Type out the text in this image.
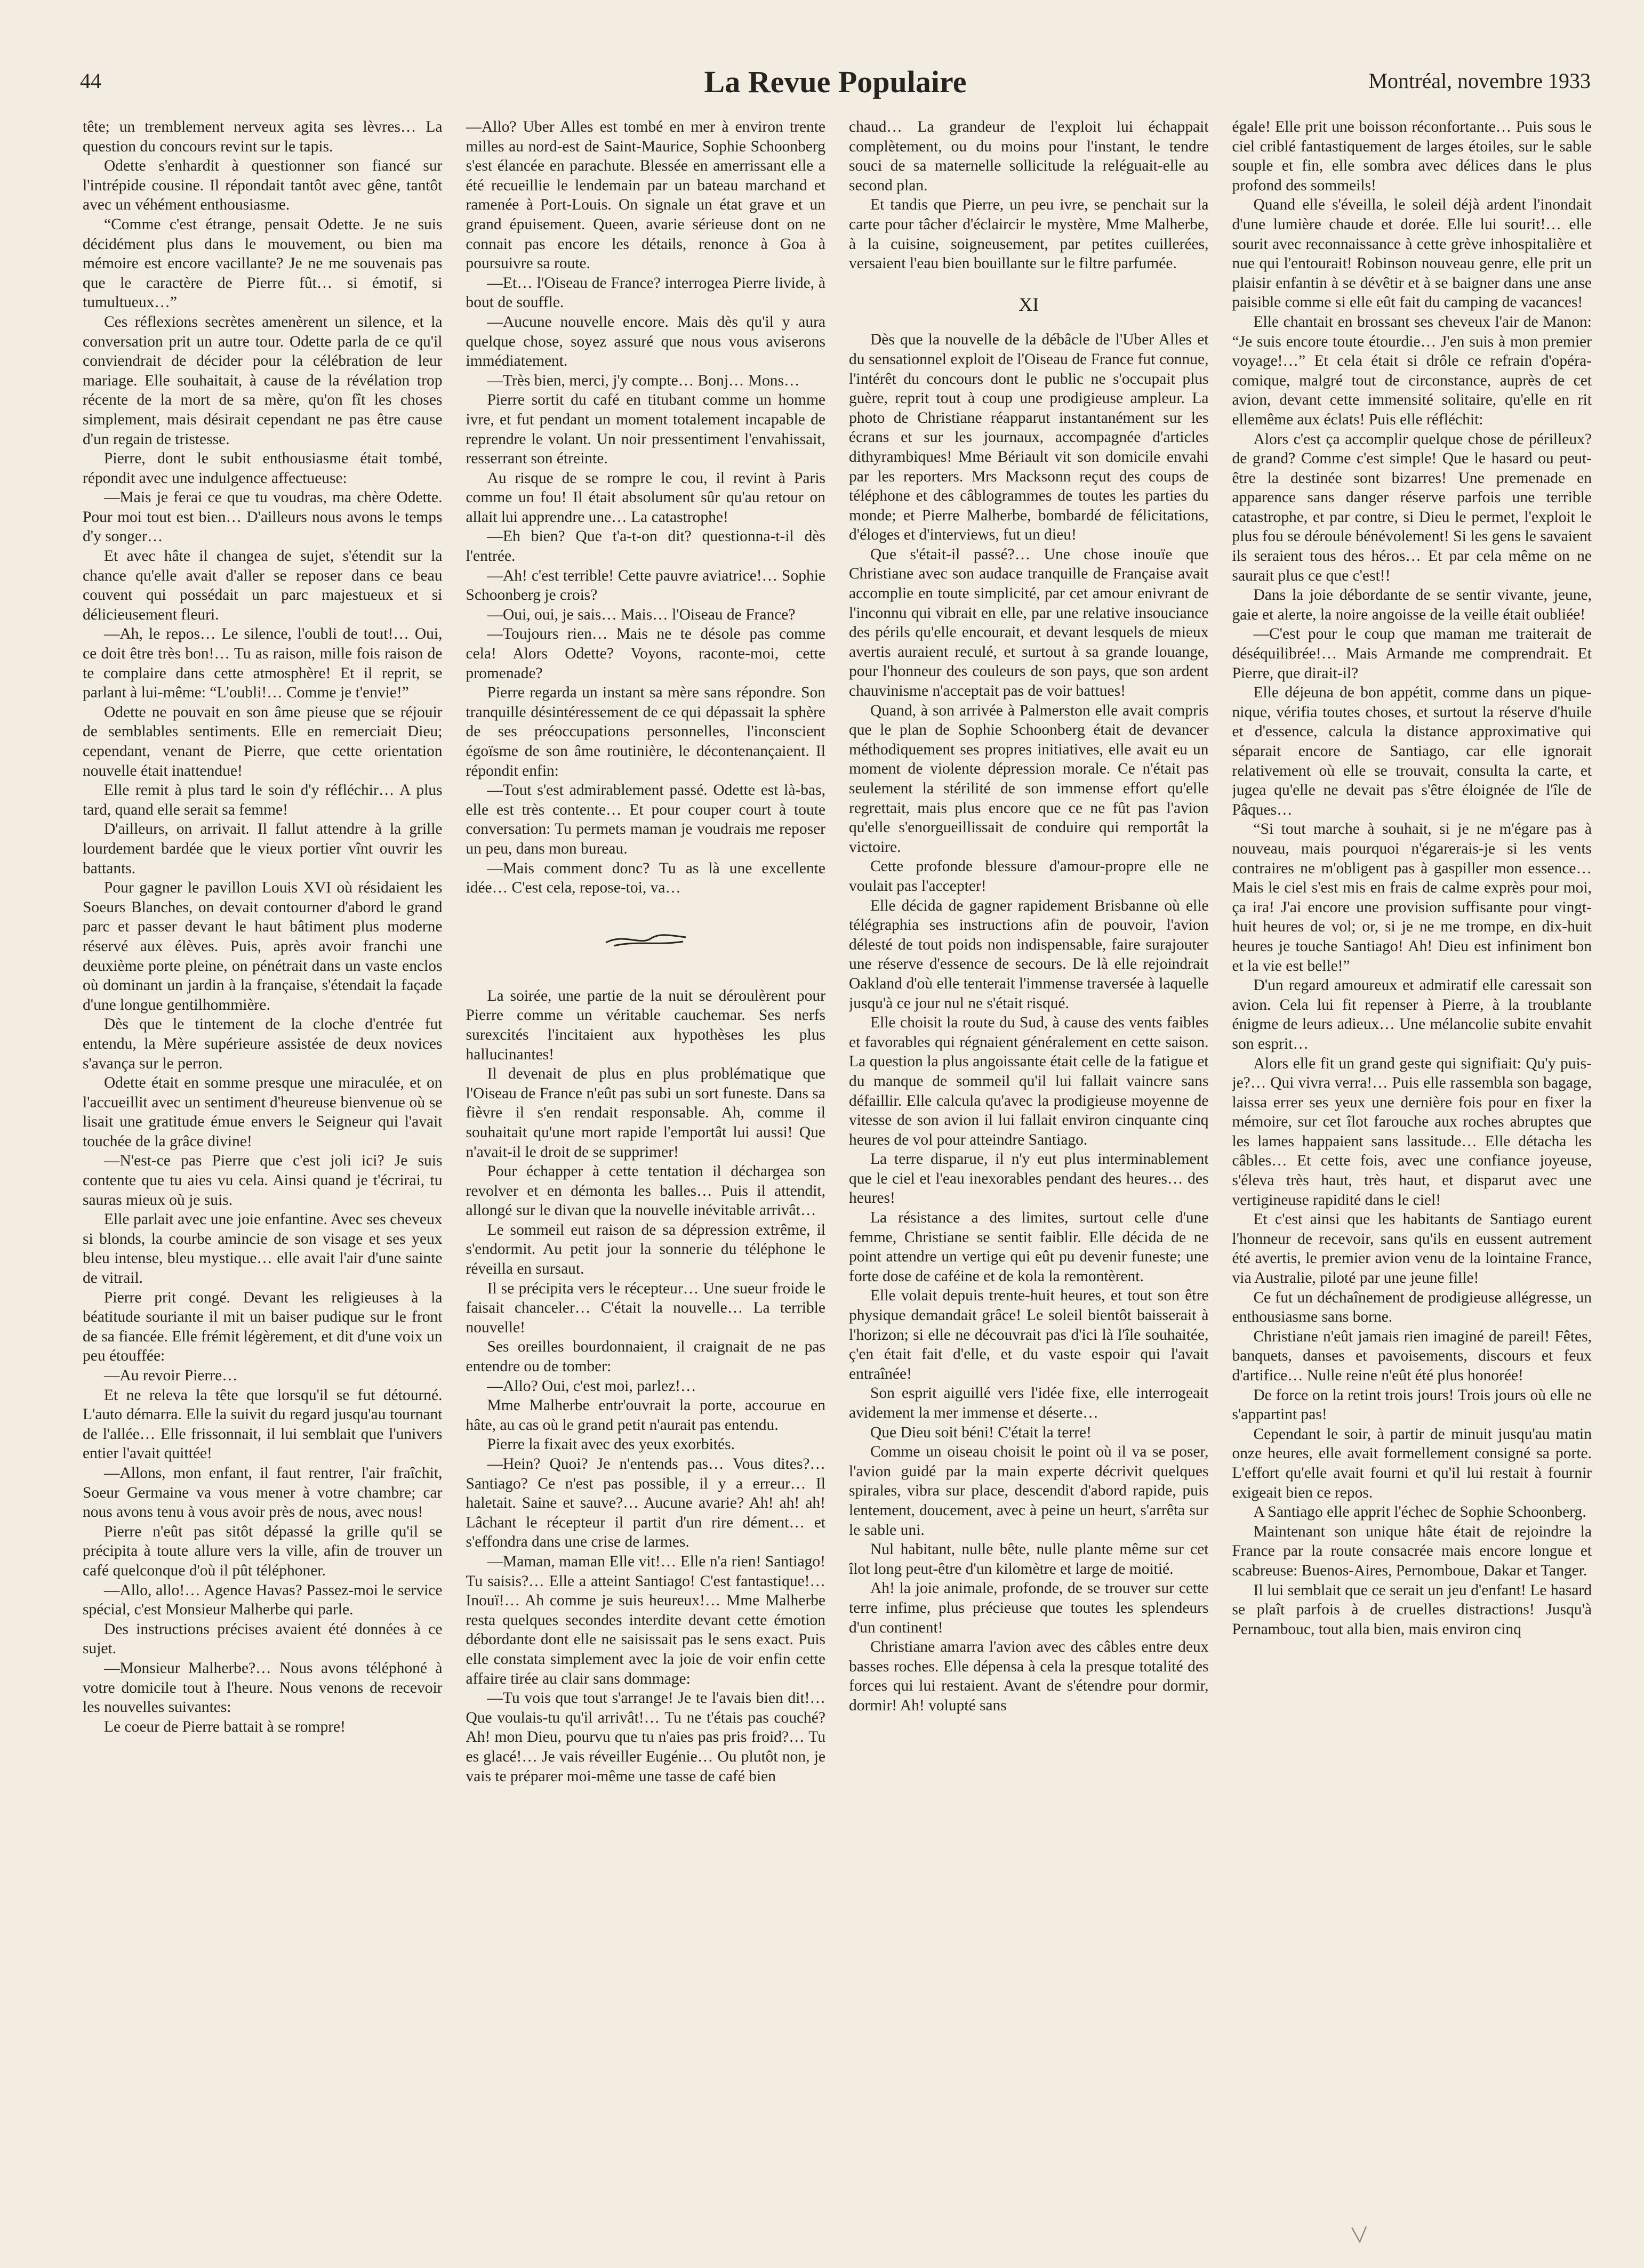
44	La Revue Populaire	Montréal, novembre 1933

tête; un tremblement nerveux agita ses lèvres… La question du concours revint sur le tapis.

Odette s'enhardit à questionner son fiancé sur l'intrépide cousine. Il répondait tantôt avec gêne, tantôt avec un véhément enthousiasme.

“Comme c'est étrange, pensait Odette. Je ne suis décidément plus dans le mouvement, ou bien ma mémoire est encore vacillante? Je ne me souvenais pas que le caractère de Pierre fût… si émotif, si tumultueux…”

Ces réflexions secrètes amenèrent un silence, et la conversation prit un autre tour. Odette parla de ce qu'il conviendrait de décider pour la célébration de leur mariage. Elle souhaitait, à cause de la révélation trop récente de la mort de sa mère, qu'on fît les choses simplement, mais désirait cependant ne pas être cause d'un regain de tristesse.

Pierre, dont le subit enthousiasme était tombé, répondit avec une indulgence affectueuse:

—Mais je ferai ce que tu voudras, ma chère Odette. Pour moi tout est bien… D'ailleurs nous avons le temps d'y songer…

Et avec hâte il changea de sujet, s'étendit sur la chance qu'elle avait d'aller se reposer dans ce beau couvent qui possédait un parc majestueux et si délicieusement fleuri.

—Ah, le repos… Le silence, l'oubli de tout!… Oui, ce doit être très bon!… Tu as raison, mille fois raison de te complaire dans cette atmosphère! Et il reprit, se parlant à lui-même: “L'oubli!… Comme je t'envie!”

Odette ne pouvait en son âme pieuse que se réjouir de semblables sentiments. Elle en remerciait Dieu; cependant, venant de Pierre, que cette orientation nouvelle était inattendue!

Elle remit à plus tard le soin d'y réfléchir… A plus tard, quand elle serait sa femme!

D'ailleurs, on arrivait. Il fallut attendre à la grille lourdement bardée que le vieux portier vînt ouvrir les battants.

Pour gagner le pavillon Louis XVI où résidaient les Soeurs Blanches, on devait contourner d'abord le grand parc et passer devant le haut bâtiment plus moderne réservé aux élèves. Puis, après avoir franchi une deuxième porte pleine, on pénétrait dans un vaste enclos où dominant un jardin à la française, s'étendait la façade d'une longue gentilhommière.

Dès que le tintement de la cloche d'entrée fut entendu, la Mère supérieure assistée de deux novices s'avança sur le perron.

Odette était en somme presque une miraculée, et on l'accueillit avec un sentiment d'heureuse bienvenue où se lisait une gratitude émue envers le Seigneur qui l'avait touchée de la grâce divine!

—N'est-ce pas Pierre que c'est joli ici? Je suis contente que tu aies vu cela. Ainsi quand je t'écrirai, tu sauras mieux où je suis.

Elle parlait avec une joie enfantine. Avec ses cheveux si blonds, la courbe amincie de son visage et ses yeux bleu intense, bleu mystique… elle avait l'air d'une sainte de vitrail.

Pierre prit congé. Devant les religieuses à la béatitude souriante il mit un baiser pudique sur le front de sa fiancée. Elle frémit légèrement, et dit d'une voix un peu étouffée:

—Au revoir Pierre…

Et ne releva la tête que lorsqu'il se fut détourné. L'auto démarra. Elle la suivit du regard jusqu'au tournant de l'allée… Elle frissonnait, il lui semblait que l'univers entier l'avait quittée!

—Allons, mon enfant, il faut rentrer, l'air fraîchit, Soeur Germaine va vous mener à votre chambre; car nous avons tenu à vous avoir près de nous, avec nous!

Pierre n'eût pas sitôt dépassé la grille qu'il se précipita à toute allure vers la ville, afin de trouver un café quelconque d'où il pût téléphoner.

—Allo, allo!… Agence Havas? Passez-moi le service spécial, c'est Monsieur Malherbe qui parle.

Des instructions précises avaient été données à ce sujet.

—Monsieur Malherbe?… Nous avons téléphoné à votre domicile tout à l'heure. Nous venons de recevoir les nouvelles suivantes:

Le coeur de Pierre battait à se rompre!

—Allo? Uber Alles est tombé en mer à environ trente milles au nord-est de Saint-Maurice, Sophie Schoonberg s'est élancée en parachute. Blessée en amerrissant elle a été recueillie le lendemain par un bateau marchand et ramenée à Port-Louis. On signale un état grave et un grand épuisement. Queen, avarie sérieuse dont on ne connait pas encore les détails, renonce à Goa à poursuivre sa route.

—Et… l'Oiseau de France? interrogea Pierre livide, à bout de souffle.

—Aucune nouvelle encore. Mais dès qu'il y aura quelque chose, soyez assuré que nous vous aviserons immédiatement.

—Très bien, merci, j'y compte… Bonj… Mons…

Pierre sortit du café en titubant comme un homme ivre, et fut pendant un moment totalement incapable de reprendre le volant. Un noir pressentiment l'envahissait, resserrant son étreinte.

Au risque de se rompre le cou, il revint à Paris comme un fou! Il était absolument sûr qu'au retour on allait lui apprendre une… La catastrophe!

—Eh bien? Que t'a-t-on dit? questionna-t-il dès l'entrée.

—Ah! c'est terrible! Cette pauvre aviatrice!… Sophie Schoonberg je crois?

—Oui, oui, je sais… Mais… l'Oiseau de France?

—Toujours rien… Mais ne te désole pas comme cela! Alors Odette? Voyons, raconte-moi, cette promenade?

Pierre regarda un instant sa mère sans répondre. Son tranquille désintéressement de ce qui dépassait la sphère de ses préoccupations personnelles, l'inconscient égoïsme de son âme routinière, le décontenançaient. Il répondit enfin:

—Tout s'est admirablement passé. Odette est là-bas, elle est très contente… Et pour couper court à toute conversation: Tu permets maman je voudrais me reposer un peu, dans mon bureau.

—Mais comment donc? Tu as là une excellente idée… C'est cela, repose-toi, va…

La soirée, une partie de la nuit se déroulèrent pour Pierre comme un véritable cauchemar. Ses nerfs surexcités l'incitaient aux hypothèses les plus hallucinantes!

Il devenait de plus en plus problématique que l'Oiseau de France n'eût pas subi un sort funeste. Dans sa fièvre il s'en rendait responsable. Ah, comme il souhaitait qu'une mort rapide l'emportât lui aussi! Que n'avait-il le droit de se supprimer!

Pour échapper à cette tentation il déchargea son revolver et en démonta les balles… Puis il attendit, allongé sur le divan que la nouvelle inévitable arrivât…

Le sommeil eut raison de sa dépression extrême, il s'endormit. Au petit jour la sonnerie du téléphone le réveilla en sursaut.

Il se précipita vers le récepteur… Une sueur froide le faisait chanceler… C'était la nouvelle… La terrible nouvelle!

Ses oreilles bourdonnaient, il craignait de ne pas entendre ou de tomber:

—Allo? Oui, c'est moi, parlez!…

Mme Malherbe entr'ouvrait la porte, accourue en hâte, au cas où le grand petit n'aurait pas entendu.

Pierre la fixait avec des yeux exorbités.

—Hein? Quoi? Je n'entends pas… Vous dites?… Santiago? Ce n'est pas possible, il y a erreur… Il haletait. Saine et sauve?… Aucune avarie? Ah! ah! ah! Lâchant le récepteur il partit d'un rire dément… et s'effondra dans une crise de larmes.

—Maman, maman Elle vit!… Elle n'a rien! Santiago! Tu saisis?… Elle a atteint Santiago! C'est fantastique!… Inouï!… Ah comme je suis heureux!… Mme Malherbe resta quelques secondes interdite devant cette émotion débordante dont elle ne saisissait pas le sens exact. Puis elle constata simplement avec la joie de voir enfin cette affaire tirée au clair sans dommage:

—Tu vois que tout s'arrange! Je te l'avais bien dit!… Que voulais-tu qu'il arrivât!… Tu ne t'étais pas couché? Ah! mon Dieu, pourvu que tu n'aies pas pris froid?… Tu es glacé!… Je vais réveiller Eugénie… Ou plutôt non, je vais te préparer moi-même une tasse de café bien

chaud… La grandeur de l'exploit lui échappait complètement, ou du moins pour l'instant, le tendre souci de sa maternelle sollicitude la reléguait-elle au second plan.

Et tandis que Pierre, un peu ivre, se penchait sur la carte pour tâcher d'éclaircir le mystère, Mme Malherbe, à la cuisine, soigneusement, par petites cuillerées, versaient l'eau bien bouillante sur le filtre parfumée.

XI

Dès que la nouvelle de la débâcle de l'Uber Alles et du sensationnel exploit de l'Oiseau de France fut connue, l'intérêt du concours dont le public ne s'occupait plus guère, reprit tout à coup une prodigieuse ampleur. La photo de Christiane réapparut instantanément sur les écrans et sur les journaux, accompagnée d'articles dithyrambiques! Mme Bériault vit son domicile envahi par les reporters. Mrs Macksonn reçut des coups de téléphone et des câblogrammes de toutes les parties du monde; et Pierre Malherbe, bombardé de félicitations, d'éloges et d'interviews, fut un dieu!

Que s'était-il passé?… Une chose inouïe que Christiane avec son audace tranquille de Française avait accomplie en toute simplicité, par cet amour enivrant de l'inconnu qui vibrait en elle, par une relative insouciance des périls qu'elle encourait, et devant lesquels de mieux avertis auraient reculé, et surtout à sa grande louange, pour l'honneur des couleurs de son pays, que son ardent chauvinisme n'acceptait pas de voir battues!

Quand, à son arrivée à Palmerston elle avait compris que le plan de Sophie Schoonberg était de devancer méthodiquement ses propres initiatives, elle avait eu un moment de violente dépression morale. Ce n'était pas seulement la stérilité de son immense effort qu'elle regrettait, mais plus encore que ce ne fût pas l'avion qu'elle s'enorgueillissait de conduire qui remportât la victoire.

Cette profonde blessure d'amour-propre elle ne voulait pas l'accepter!

Elle décida de gagner rapidement Brisbanne où elle télégraphia ses instructions afin de pouvoir, l'avion délesté de tout poids non indispensable, faire surajouter une réserve d'essence de secours. De là elle rejoindrait Oakland d'où elle tenterait l'immense traversée à laquelle jusqu'à ce jour nul ne s'était risqué.

Elle choisit la route du Sud, à cause des vents faibles et favorables qui régnaient généralement en cette saison. La question la plus angoissante était celle de la fatigue et du manque de sommeil qu'il lui fallait vaincre sans défaillir. Elle calcula qu'avec la prodigieuse moyenne de vitesse de son avion il lui fallait environ cinquante cinq heures de vol pour atteindre Santiago.

La terre disparue, il n'y eut plus interminablement que le ciel et l'eau inexorables pendant des heures… des heures!

La résistance a des limites, surtout celle d'une femme, Christiane se sentit faiblir. Elle décida de ne point attendre un vertige qui eût pu devenir funeste; une forte dose de caféine et de kola la remontèrent.

Elle volait depuis trente-huit heures, et tout son être physique demandait grâce! Le soleil bientôt baisserait à l'horizon; si elle ne découvrait pas d'ici là l'île souhaitée, ç'en était fait d'elle, et du vaste espoir qui l'avait entraînée!

Son esprit aiguillé vers l'idée fixe, elle interrogeait avidement la mer immense et déserte…

Que Dieu soit béni! C'était la terre!

Comme un oiseau choisit le point où il va se poser, l'avion guidé par la main experte décrivit quelques spirales, vibra sur place, descendit d'abord rapide, puis lentement, doucement, avec à peine un heurt, s'arrêta sur le sable uni.

Nul habitant, nulle bête, nulle plante même sur cet îlot long peut-être d'un kilomètre et large de moitié.

Ah! la joie animale, profonde, de se trouver sur cette terre infime, plus précieuse que toutes les splendeurs d'un continent!

Christiane amarra l'avion avec des câbles entre deux basses roches. Elle dépensa à cela la presque totalité des forces qui lui restaient. Avant de s'étendre pour dormir, dormir! Ah! volupté sans

égale! Elle prit une boisson réconfortante… Puis sous le ciel criblé fantastiquement de larges étoiles, sur le sable souple et fin, elle sombra avec délices dans le plus profond des sommeils!

Quand elle s'éveilla, le soleil déjà ardent l'inondait d'une lumière chaude et dorée. Elle lui sourit!… elle sourit avec reconnaissance à cette grève inhospitalière et nue qui l'entourait! Robinson nouveau genre, elle prit un plaisir enfantin à se dévêtir et à se baigner dans une anse paisible comme si elle eût fait du camping de vacances!

Elle chantait en brossant ses cheveux l'air de Manon: “Je suis encore toute étourdie… J'en suis à mon premier voyage!…” Et cela était si drôle ce refrain d'opéra-comique, malgré tout de circonstance, auprès de cet avion, devant cette immensité solitaire, qu'elle en rit ellemême aux éclats! Puis elle réfléchit:

Alors c'est ça accomplir quelque chose de périlleux? de grand? Comme c'est simple! Que le hasard ou peut-être la destinée sont bizarres! Une premenade en apparence sans danger réserve parfois une terrible catastrophe, et par contre, si Dieu le permet, l'exploit le plus fou se déroule bénévolement! Si les gens le savaient ils seraient tous des héros… Et par cela même on ne saurait plus ce que c'est!!

Dans la joie débordante de se sentir vivante, jeune, gaie et alerte, la noire angoisse de la veille était oubliée!

—C'est pour le coup que maman me traiterait de déséquilibrée!… Mais Armande me comprendrait. Et Pierre, que dirait-il?

Elle déjeuna de bon appétit, comme dans un pique-nique, vérifia toutes choses, et surtout la réserve d'huile et d'essence, calcula la distance approximative qui séparait encore de Santiago, car elle ignorait relativement où elle se trouvait, consulta la carte, et jugea qu'elle ne devait pas s'être éloignée de l'île de Pâques…

“Si tout marche à souhait, si je ne m'égare pas à nouveau, mais pourquoi n'égarerais-je si les vents contraires ne m'obligent pas à gaspiller mon essence… Mais le ciel s'est mis en frais de calme exprès pour moi, ça ira! J'ai encore une provision suffisante pour vingt-huit heures de vol; or, si je ne me trompe, en dix-huit heures je touche Santiago! Ah! Dieu est infiniment bon et la vie est belle!”

D'un regard amoureux et admiratif elle caressait son avion. Cela lui fit repenser à Pierre, à la troublante énigme de leurs adieux… Une mélancolie subite envahit son esprit…

Alors elle fit un grand geste qui signifiait: Qu'y puis-je?… Qui vivra verra!… Puis elle rassembla son bagage, laissa errer ses yeux une dernière fois pour en fixer la mémoire, sur cet îlot farouche aux roches abruptes que les lames happaient sans lassitude… Elle détacha les câbles… Et cette fois, avec une confiance joyeuse, s'éleva très haut, très haut, et disparut avec une vertigineuse rapidité dans le ciel!

Et c'est ainsi que les habitants de Santiago eurent l'honneur de recevoir, sans qu'ils en eussent autrement été avertis, le premier avion venu de la lointaine France, via Australie, piloté par une jeune fille!

Ce fut un déchaînement de prodigieuse allégresse, un enthousiasme sans borne.

Christiane n'eût jamais rien imaginé de pareil! Fêtes, banquets, danses et pavoisements, discours et feux d'artifice… Nulle reine n'eût été plus honorée!

De force on la retint trois jours! Trois jours où elle ne s'appartint pas!

Cependant le soir, à partir de minuit jusqu'au matin onze heures, elle avait formellement consigné sa porte. L'effort qu'elle avait fourni et qu'il lui restait à fournir exigeait bien ce repos.

A Santiago elle apprit l'échec de Sophie Schoonberg.

Maintenant son unique hâte était de rejoindre la France par la route consacrée mais encore longue et scabreuse: Buenos-Aires, Pernomboue, Dakar et Tanger.

Il lui semblait que ce serait un jeu d'enfant! Le hasard se plaît parfois à de cruelles distractions! Jusqu'à Pernambouc, tout alla bien, mais environ cinq
